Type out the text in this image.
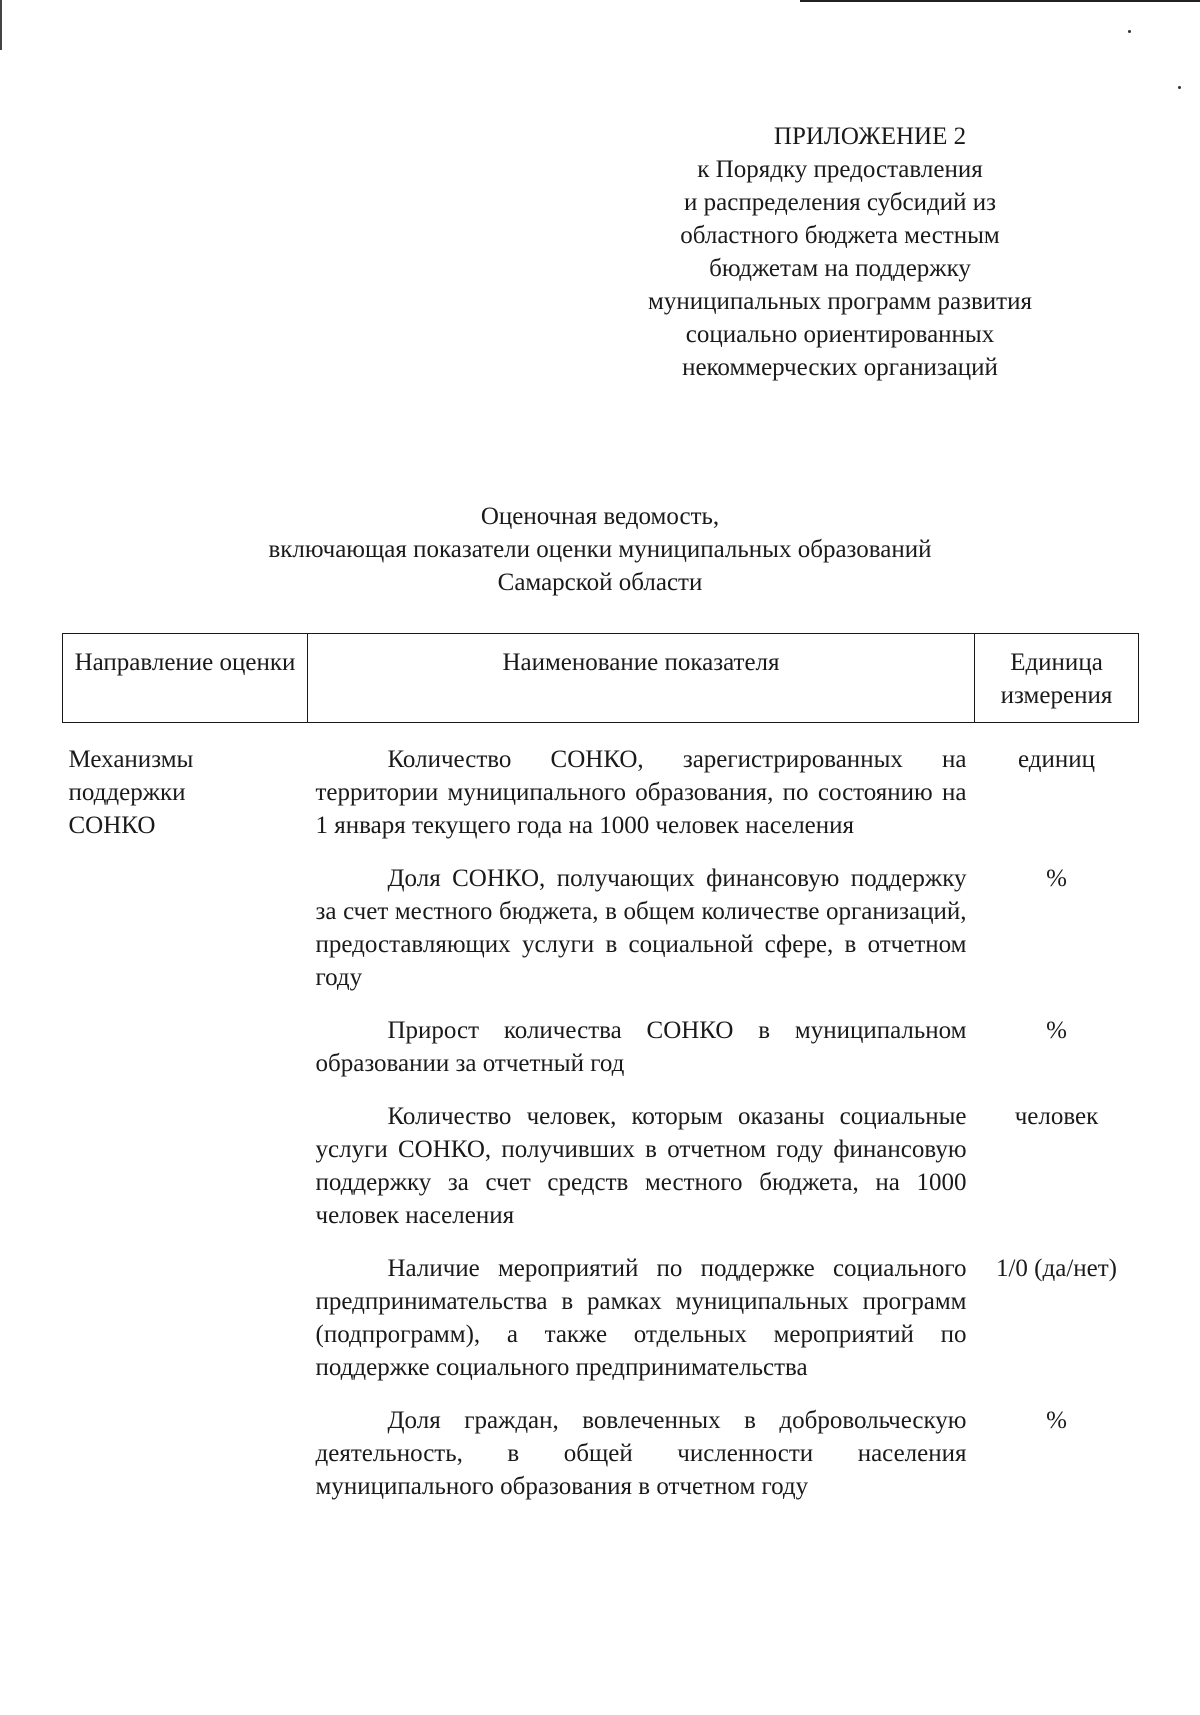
ПРИЛОЖЕНИЕ 2
к Порядку предоставления
и распределения субсидий из
областного бюджета местным
бюджетам на поддержку
муниципальных программ развития
социально ориентированных
некоммерческих организаций
Оценочная ведомость,
включающая показатели оценки муниципальных образований
Самарской области
Направление оценки	Наименование показателя	Единица измерения

Механизмы
поддержки
СОНКО	Количество СОНКО, зарегистрированных на территории муниципального образования, по состоянию на 1 января текущего года на 1000 человек населения	единиц

	Доля СОНКО, получающих финансовую поддержку за счет местного бюджета, в общем количестве организаций, предоставляющих услуги в социальной сфере, в отчетном году	%

	Прирост количества СОНКО в муниципальном образовании за отчетный год	%

	Количество человек, которым оказаны социальные услуги СОНКО, получивших в отчетном году финансовую поддержку за счет средств местного бюджета, на 1000 человек населения	человек

	Наличие мероприятий по поддержке социального предпринимательства в рамках муниципальных программ (подпрограмм), а также отдельных мероприятий по поддержке социального предпринимательства	1/0 (да/нет)

	Доля граждан, вовлеченных в добровольческую деятельность, в общей численности населения муниципального образования в отчетном году	%
